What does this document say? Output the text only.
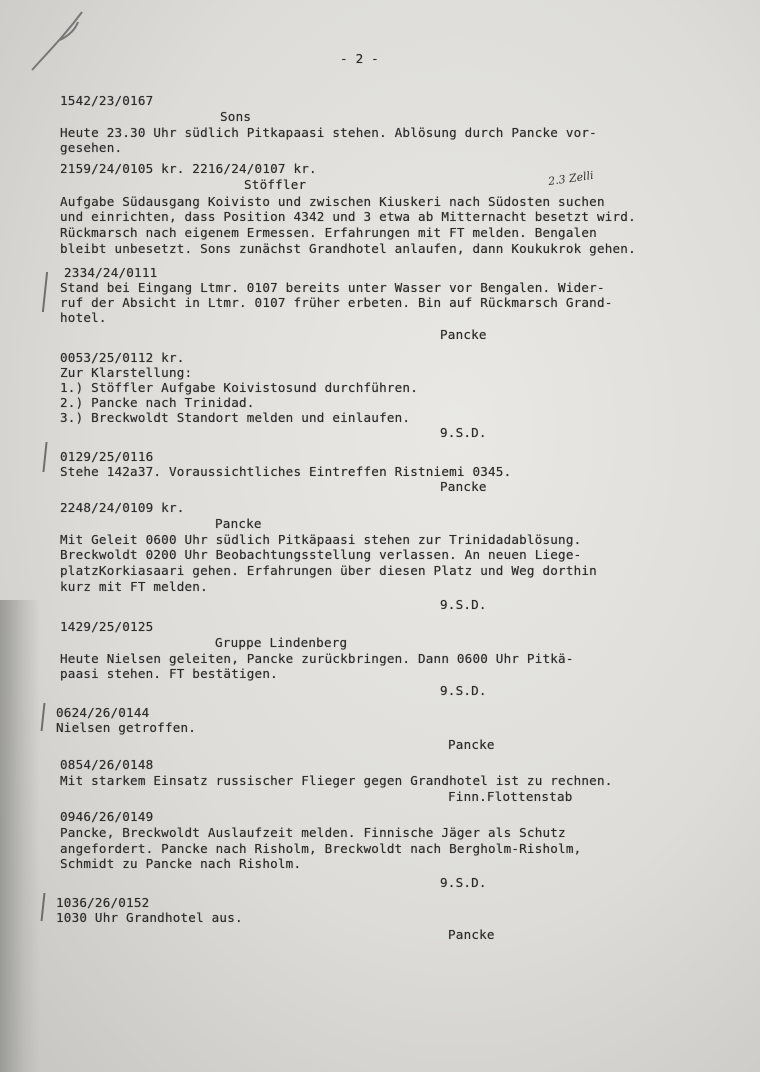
- 2 -
2.3 Zelli
1542/23/0167
Sons
Heute 23.30 Uhr südlich Pitkapaasi stehen. Ablösung durch Pancke vor-
gesehen.
2159/24/0105 kr. 2216/24/0107 kr.
Stöffler
Aufgabe Südausgang Koivisto und zwischen Kiuskeri nach Südosten suchen
und einrichten, dass Position 4342 und 3 etwa ab Mitternacht besetzt wird.
Rückmarsch nach eigenem Ermessen. Erfahrungen mit FT melden. Bengalen
bleibt unbesetzt. Sons zunächst Grandhotel anlaufen, dann Koukukrok gehen.
2334/24/0111
Stand bei Eingang Ltmr. 0107 bereits unter Wasser vor Bengalen. Wider-
ruf der Absicht in Ltmr. 0107 früher erbeten. Bin auf Rückmarsch Grand-
hotel.
Pancke
0053/25/0112 kr.
Zur Klarstellung:
1.) Stöffler Aufgabe Koivistosund durchführen.
2.) Pancke nach Trinidad.
3.) Breckwoldt Standort melden und einlaufen.
9.S.D.
0129/25/0116
Stehe 142a37. Voraussichtliches Eintreffen Ristniemi 0345.
Pancke
2248/24/0109 kr.
Pancke
Mit Geleit 0600 Uhr südlich Pitkäpaasi stehen zur Trinidadablösung.
Breckwoldt 0200 Uhr Beobachtungsstellung verlassen. An neuen Liege-
platzKorkiasaari gehen. Erfahrungen über diesen Platz und Weg dorthin
kurz mit FT melden.
9.S.D.
1429/25/0125
Gruppe Lindenberg
Heute Nielsen geleiten, Pancke zurückbringen. Dann 0600 Uhr Pitkä-
paasi stehen. FT bestätigen.
9.S.D.
0624/26/0144
Nielsen getroffen.
Pancke
0854/26/0148
Mit starkem Einsatz russischer Flieger gegen Grandhotel ist zu rechnen.
Finn.Flottenstab
0946/26/0149
Pancke, Breckwoldt Auslaufzeit melden. Finnische Jäger als Schutz
angefordert. Pancke nach Risholm, Breckwoldt nach Bergholm-Risholm,
Schmidt zu Pancke nach Risholm.
9.S.D.
1036/26/0152
1030 Uhr Grandhotel aus.
Pancke
